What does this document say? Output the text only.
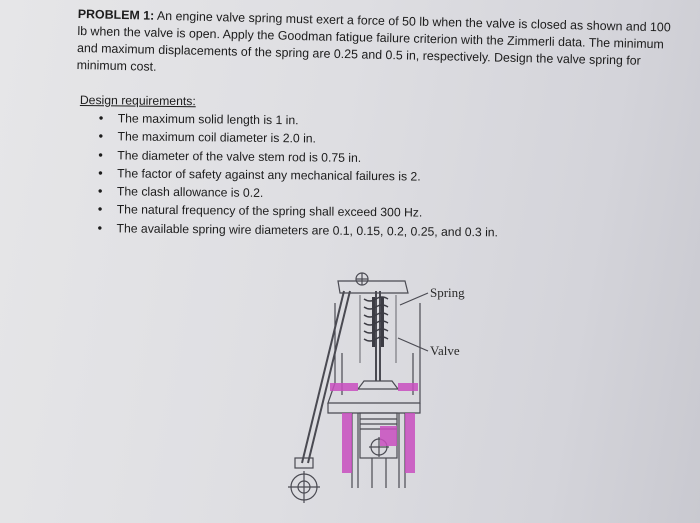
PROBLEM 1: An engine valve spring must exert a force of 50 lb when the valve is closed as shown and 100 lb when the valve is open. Apply the Goodman fatigue failure criterion with the Zimmerli data. The minimum and maximum displacements of the spring are 0.25 and 0.5 in, respectively. Design the valve spring for minimum cost.
Design requirements:
• The maximum solid length is 1 in.
• The maximum coil diameter is 2.0 in.
• The diameter of the valve stem rod is 0.75 in.
• The factor of safety against any mechanical failures is 2.
• The clash allowance is 0.2.
• The natural frequency of the spring shall exceed 300 Hz.
• The available spring wire diameters are 0.1, 0.15, 0.2, 0.25, and 0.3 in.
Spring
Valve
